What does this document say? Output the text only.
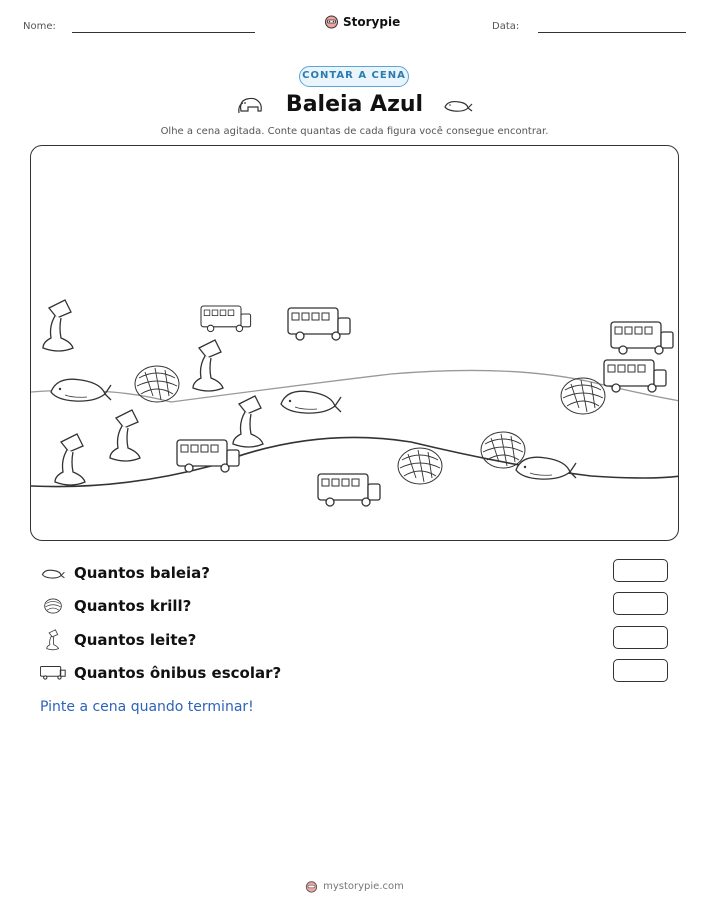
Nome:	Storypie	Data:
CONTAR A CENA
Baleia Azul
Olhe a cena agitada. Conte quantas de cada figura você consegue encontrar.
Quantos baleia?
Quantos krill?
Quantos leite?
Quantos ônibus escolar?
Pinte a cena quando terminar!
mystorypie.com
